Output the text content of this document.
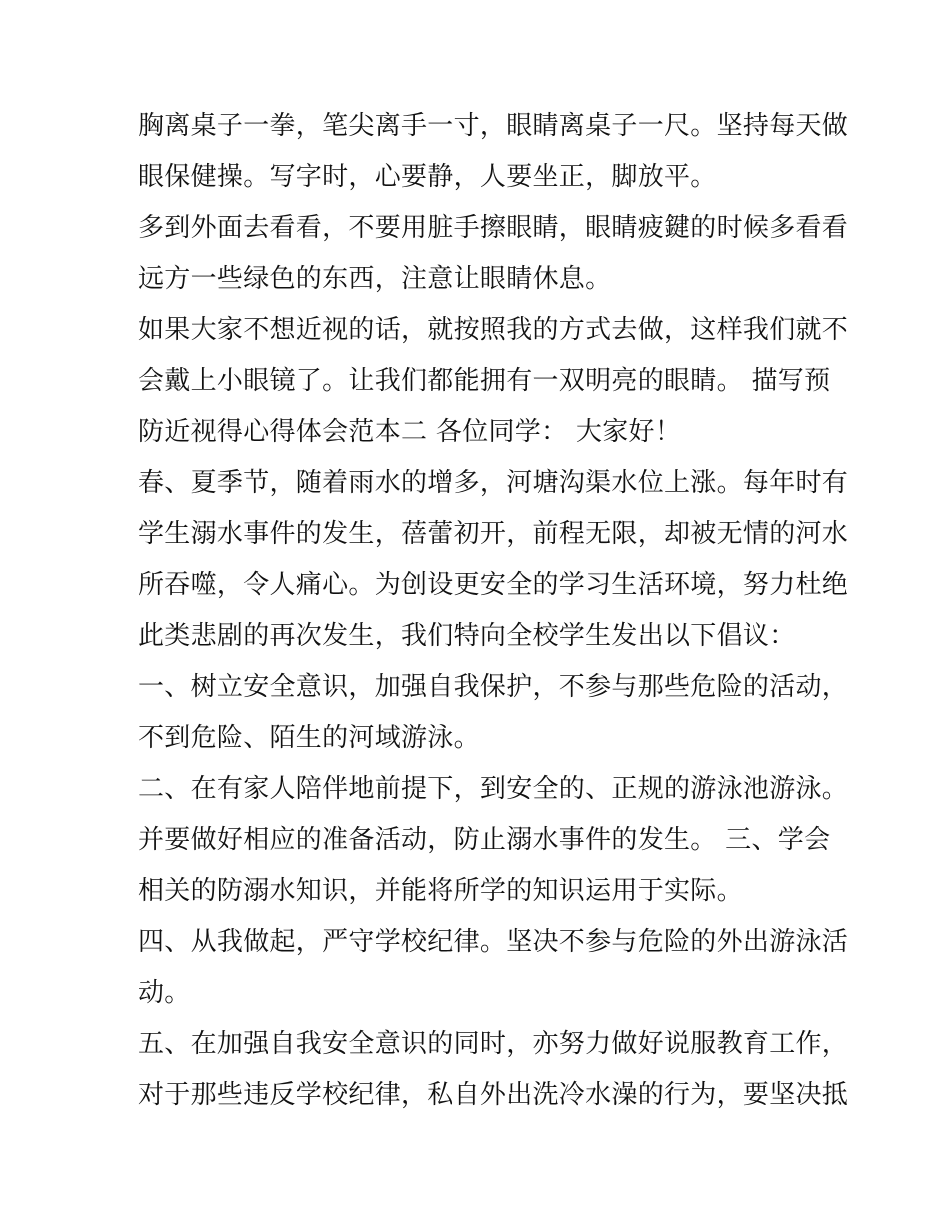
胸离桌子一拳，笔尖离手一寸，眼睛离桌子一尺。坚持每天做
眼保健操。写字时，心要静，人要坐正，脚放平。
多到外面去看看，不要用脏手擦眼睛，眼睛疲鍵的时候多看看
远方一些绿色的东西，注意让眼睛休息。
如果大家不想近视的话，就按照我的方式去做，这样我们就不
会戴上小眼镜了。让我们都能拥有一双明亮的眼睛。 描写预
防近视得心得体会范本二 各位同学： 大家好！
春、夏季节，随着雨水的增多，河塘沟渠水位上涨。每年时有
学生溺水事件的发生，蓓蕾初开，前程无限，却被无情的河水
所吞噬，令人痛心。为创设更安全的学习生活环境，努力杜绝
此类悲剧的再次发生，我们特向全校学生发出以下倡议：
一、树立安全意识，加强自我保护，不参与那些危险的活动，
不到危险、陌生的河域游泳。
二、在有家人陪伴地前提下，到安全的、正规的游泳池游泳。
并要做好相应的准备活动，防止溺水事件的发生。 三、学会
相关的防溺水知识，并能将所学的知识运用于实际。
四、从我做起，严守学校纪律。坚决不参与危险的外出游泳活
动。
五、在加强自我安全意识的同时，亦努力做好说服教育工作，
对于那些违反学校纪律，私自外出洗冷水澡的行为，要坚决抵
